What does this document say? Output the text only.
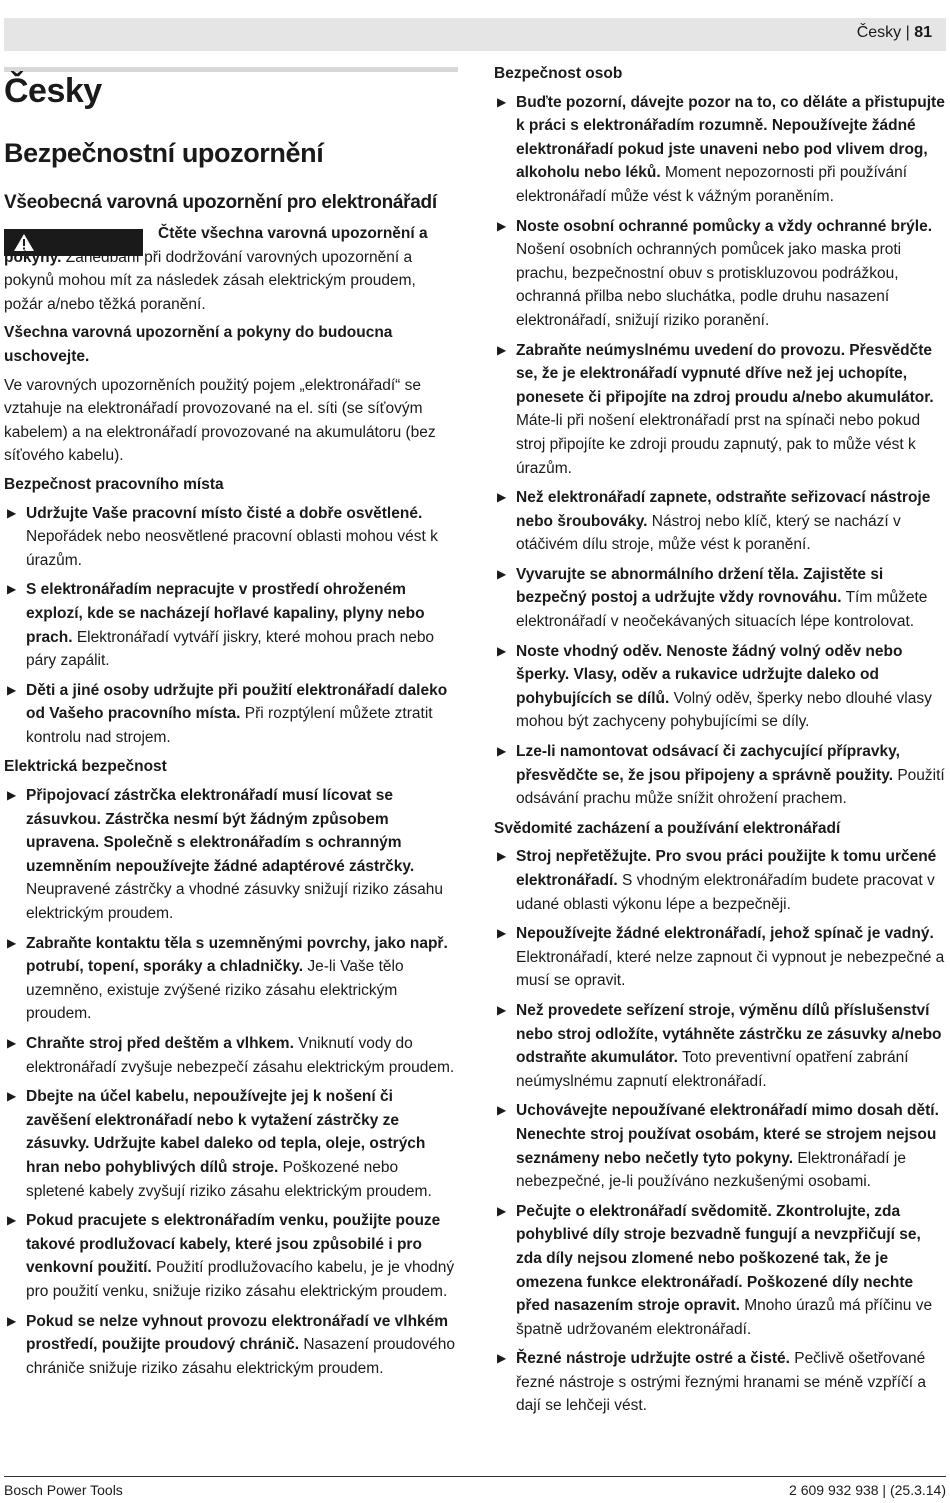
Česky | 81
Česky
Bezpečnostní upozornění
Všeobecná varovná upozornění pro elektronářadí

Čtěte všechna varovná upozornění a pokyny. Zanedbání při dodržování varovných upozornění a pokynů mohou mít za následek zásah elektrickým proudem, požár a/nebo těžká poranění.

Všechna varovná upozornění a pokyny do budoucna uschovejte.

Ve varovných upozorněních použitý pojem „elektronářadí“ se vztahuje na elektronářadí provozované na el. síti (se síťovým kabelem) a na elektronářadí provozované na akumulátoru (bez síťového kabelu).

Bezpečnost pracovního místa

▶ Udržujte Vaše pracovní místo čisté a dobře osvětlené. Nepořádek nebo neosvětlené pracovní oblasti mohou vést k úrazům.
▶ S elektronářadím nepracujte v prostředí ohroženém explozí, kde se nacházejí hořlavé kapaliny, plyny nebo prach. Elektronářadí vytváří jiskry, které mohou prach nebo páry zapálit.
▶ Děti a jiné osoby udržujte při použití elektronářadí daleko od Vašeho pracovního místa. Při rozptýlení můžete ztratit kontrolu nad strojem.

Elektrická bezpečnost

▶ Připojovací zástrčka elektronářadí musí lícovat se zásuvkou. Zástrčka nesmí být žádným způsobem upravena. Společně s elektronářadím s ochranným uzemněním nepoužívejte žádné adaptérové zástrčky. Neupravené zástrčky a vhodné zásuvky snižují riziko zásahu elektrickým proudem.
▶ Zabraňte kontaktu těla s uzemněnými povrchy, jako např. potrubí, topení, sporáky a chladničky. Je-li Vaše tělo uzemněno, existuje zvýšené riziko zásahu elektrickým proudem.
▶ Chraňte stroj před deštěm a vlhkem. Vniknutí vody do elektronářadí zvyšuje nebezpečí zásahu elektrickým proudem.
▶ Dbejte na účel kabelu, nepoužívejte jej k nošení či zavěšení elektronářadí nebo k vytažení zástrčky ze zásuvky. Udržujte kabel daleko od tepla, oleje, ostrých hran nebo pohyblivých dílů stroje. Poškozené nebo spletené kabely zvyšují riziko zásahu elektrickým proudem.
▶ Pokud pracujete s elektronářadím venku, použijte pouze takové prodlužovací kabely, které jsou způsobilé i pro venkovní použití. Použití prodlužovacího kabelu, je je vhodný pro použití venku, snižuje riziko zásahu elektrickým proudem.
▶ Pokud se nelze vyhnout provozu elektronářadí ve vlhkém prostředí, použijte proudový chránič. Nasazení proudového chrániče snižuje riziko zásahu elektrickým proudem.

Bezpečnost osob

▶ Buďte pozorní, dávejte pozor na to, co děláte a přistupujte k práci s elektronářadím rozumně. Nepoužívejte žádné elektronářadí pokud jste unaveni nebo pod vlivem drog, alkoholu nebo léků. Moment nepozornosti při používání elektronářadí může vést k vážným poraněním.
▶ Noste osobní ochranné pomůcky a vždy ochranné brýle. Nošení osobních ochranných pomůcek jako maska proti prachu, bezpečnostní obuv s protiskluzovou podrážkou, ochranná přilba nebo sluchátka, podle druhu nasazení elektronářadí, snižují riziko poranění.
▶ Zabraňte neúmyslnému uvedení do provozu. Přesvědčte se, že je elektronářadí vypnuté dříve než jej uchopíte, ponesete či připojíte na zdroj proudu a/nebo akumulátor. Máte-li při nošení elektronářadí prst na spínači nebo pokud stroj připojíte ke zdroji proudu zapnutý, pak to může vést k úrazům.
▶ Než elektronářadí zapnete, odstraňte seřizovací nástroje nebo šroubováky. Nástroj nebo klíč, který se nachází v otáčivém dílu stroje, může vést k poranění.
▶ Vyvarujte se abnormálního držení těla. Zajistěte si bezpečný postoj a udržujte vždy rovnováhu. Tím můžete elektronářadí v neočekávaných situacích lépe kontrolovat.
▶ Noste vhodný oděv. Nenoste žádný volný oděv nebo šperky. Vlasy, oděv a rukavice udržujte daleko od pohybujících se dílů. Volný oděv, šperky nebo dlouhé vlasy mohou být zachyceny pohybujícími se díly.
▶ Lze-li namontovat odsávací či zachycující přípravky, přesvědčte se, že jsou připojeny a správně použity. Použití odsávání prachu může snížit ohrožení prachem.

Svědomité zacházení a používání elektronářadí

▶ Stroj nepřetěžujte. Pro svou práci použijte k tomu určené elektronářadí. S vhodným elektronářadím budete pracovat v udané oblasti výkonu lépe a bezpečněji.
▶ Nepoužívejte žádné elektronářadí, jehož spínač je vadný. Elektronářadí, které nelze zapnout či vypnout je nebezpečné a musí se opravit.
▶ Než provedete seřízení stroje, výměnu dílů příslušenství nebo stroj odložíte, vytáhněte zástrčku ze zásuvky a/nebo odstraňte akumulátor. Toto preventivní opatření zabrání neúmyslnému zapnutí elektronářadí.
▶ Uchovávejte nepoužívané elektronářadí mimo dosah dětí. Nenechte stroj používat osobám, které se strojem nejsou seznámeny nebo nečetly tyto pokyny. Elektronářadí je nebezpečné, je-li používáno nezkušenými osobami.
▶ Pečujte o elektronářadí svědomitě. Zkontrolujte, zda pohyblivé díly stroje bezvadně fungují a nevzpřičují se, zda díly nejsou zlomené nebo poškozené tak, že je omezena funkce elektronářadí. Poškozené díly nechte před nasazením stroje opravit. Mnoho úrazů má příčinu ve špatně udržovaném elektronářadí.
▶ Řezné nástroje udržujte ostré a čisté. Pečlivě ošetřované řezné nástroje s ostrými řeznými hranami se méně vzpříčí a dají se lehčeji vést.
Bosch Power Tools	2 609 932 938 | (25.3.14)
